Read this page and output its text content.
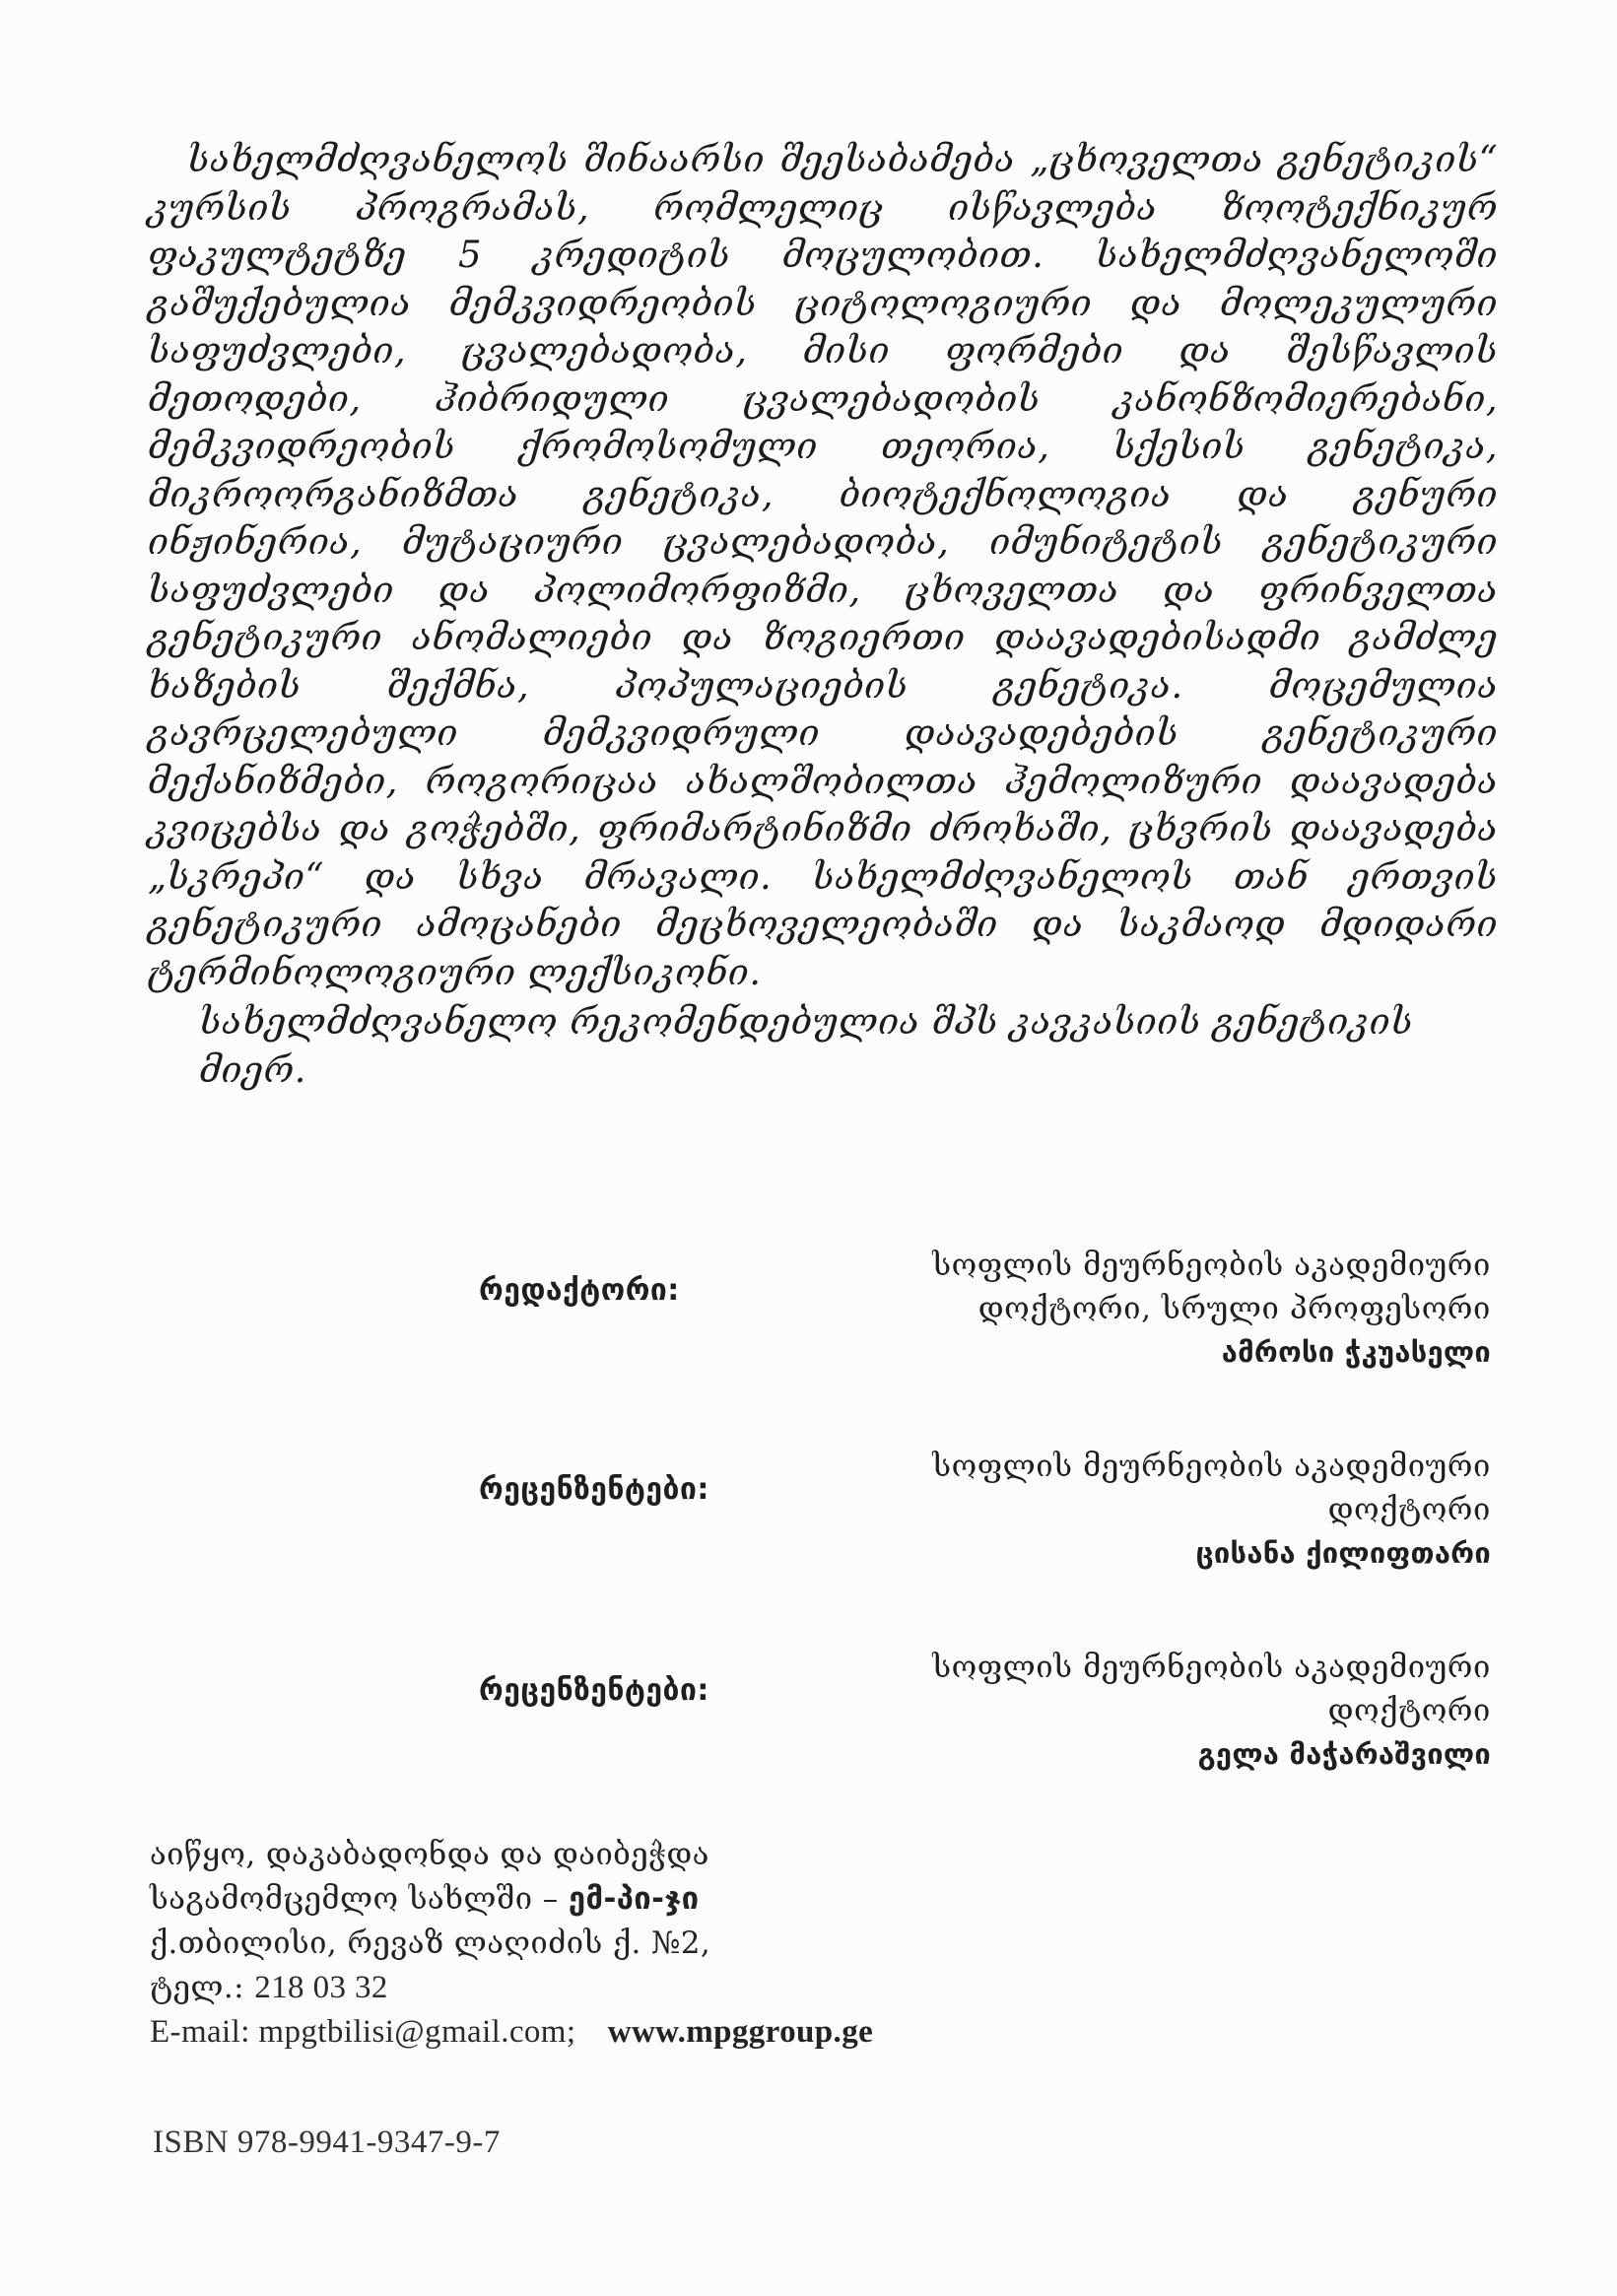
სახელმძღვანელოს შინაარსი შეესაბამება „ცხოველთა გენეტიკის“ კურსის პროგრამას, რომლელიც ისწავლება ზოოტექნიკურ ფაკულტეტზე 5 კრედიტის მოცულობით. სახელმძღვანელოში გაშუქებულია მემკვიდრეობის ციტოლოგიური და მოლეკულური საფუძვლები, ცვალებადობა, მისი ფორმები და შესწავლის მეთოდები, ჰიბრიდული ცვალებადობის კანონზომიერებანი, მემკვიდრეობის ქრომოსომული თეორია, სქესის გენეტიკა, მიკროორგანიზმთა გენეტიკა, ბიოტექნოლოგია და გენური ინჟინერია, მუტაციური ცვალებადობა, იმუნიტეტის გენეტიკური საფუძვლები და პოლიმორფიზმი, ცხოველთა და ფრინველთა გენეტიკური ანომალიები და ზოგიერთი დაავადებისადმი გამძლე ხაზების შექმნა, პოპულაციების გენეტიკა. მოცემულია გავრცელებული მემკვიდრული დაავადებების გენეტიკური მექანიზმები, როგორიცაა ახალშობილთა ჰემოლიზური დაავადება კვიცებსა და გოჭებში, ფრიმარტინიზმი ძროხაში, ცხვრის დაავადება „სკრეპი“ და სხვა მრავალი. სახელმძღვანელოს თან ერთვის გენეტიკური ამოცანები მეცხოველეობაში და საკმაოდ მდიდარი ტერმინოლოგიური ლექსიკონი.

სახელმძღვანელო რეკომენდებულია შპს კავკასიის გენეტიკის მიერ.

რედაქტორი:
სოფლის მეურნეობის აკადემიური
დოქტორი, სრული პროფესორი
ამროსი ჭკუასელი
რეცენზენტები:
სოფლის მეურნეობის აკადემიური
დოქტორი
ცისანა ქილიფთარი
რეცენზენტები:
სოფლის მეურნეობის აკადემიური
დოქტორი
გელა მაჭარაშვილი
აიწყო, დაკაბადონდა და დაიბეჭდა
საგამომცემლო სახლში – ემ-პი-ჯი
ქ.თბილისი, რევაზ ლაღიძის ქ. №2,
ტელ.: 218 03 32
E-mail: mpgtbilisi@gmail.com; www.mpggroup.ge
ISBN 978-9941-9347-9-7
